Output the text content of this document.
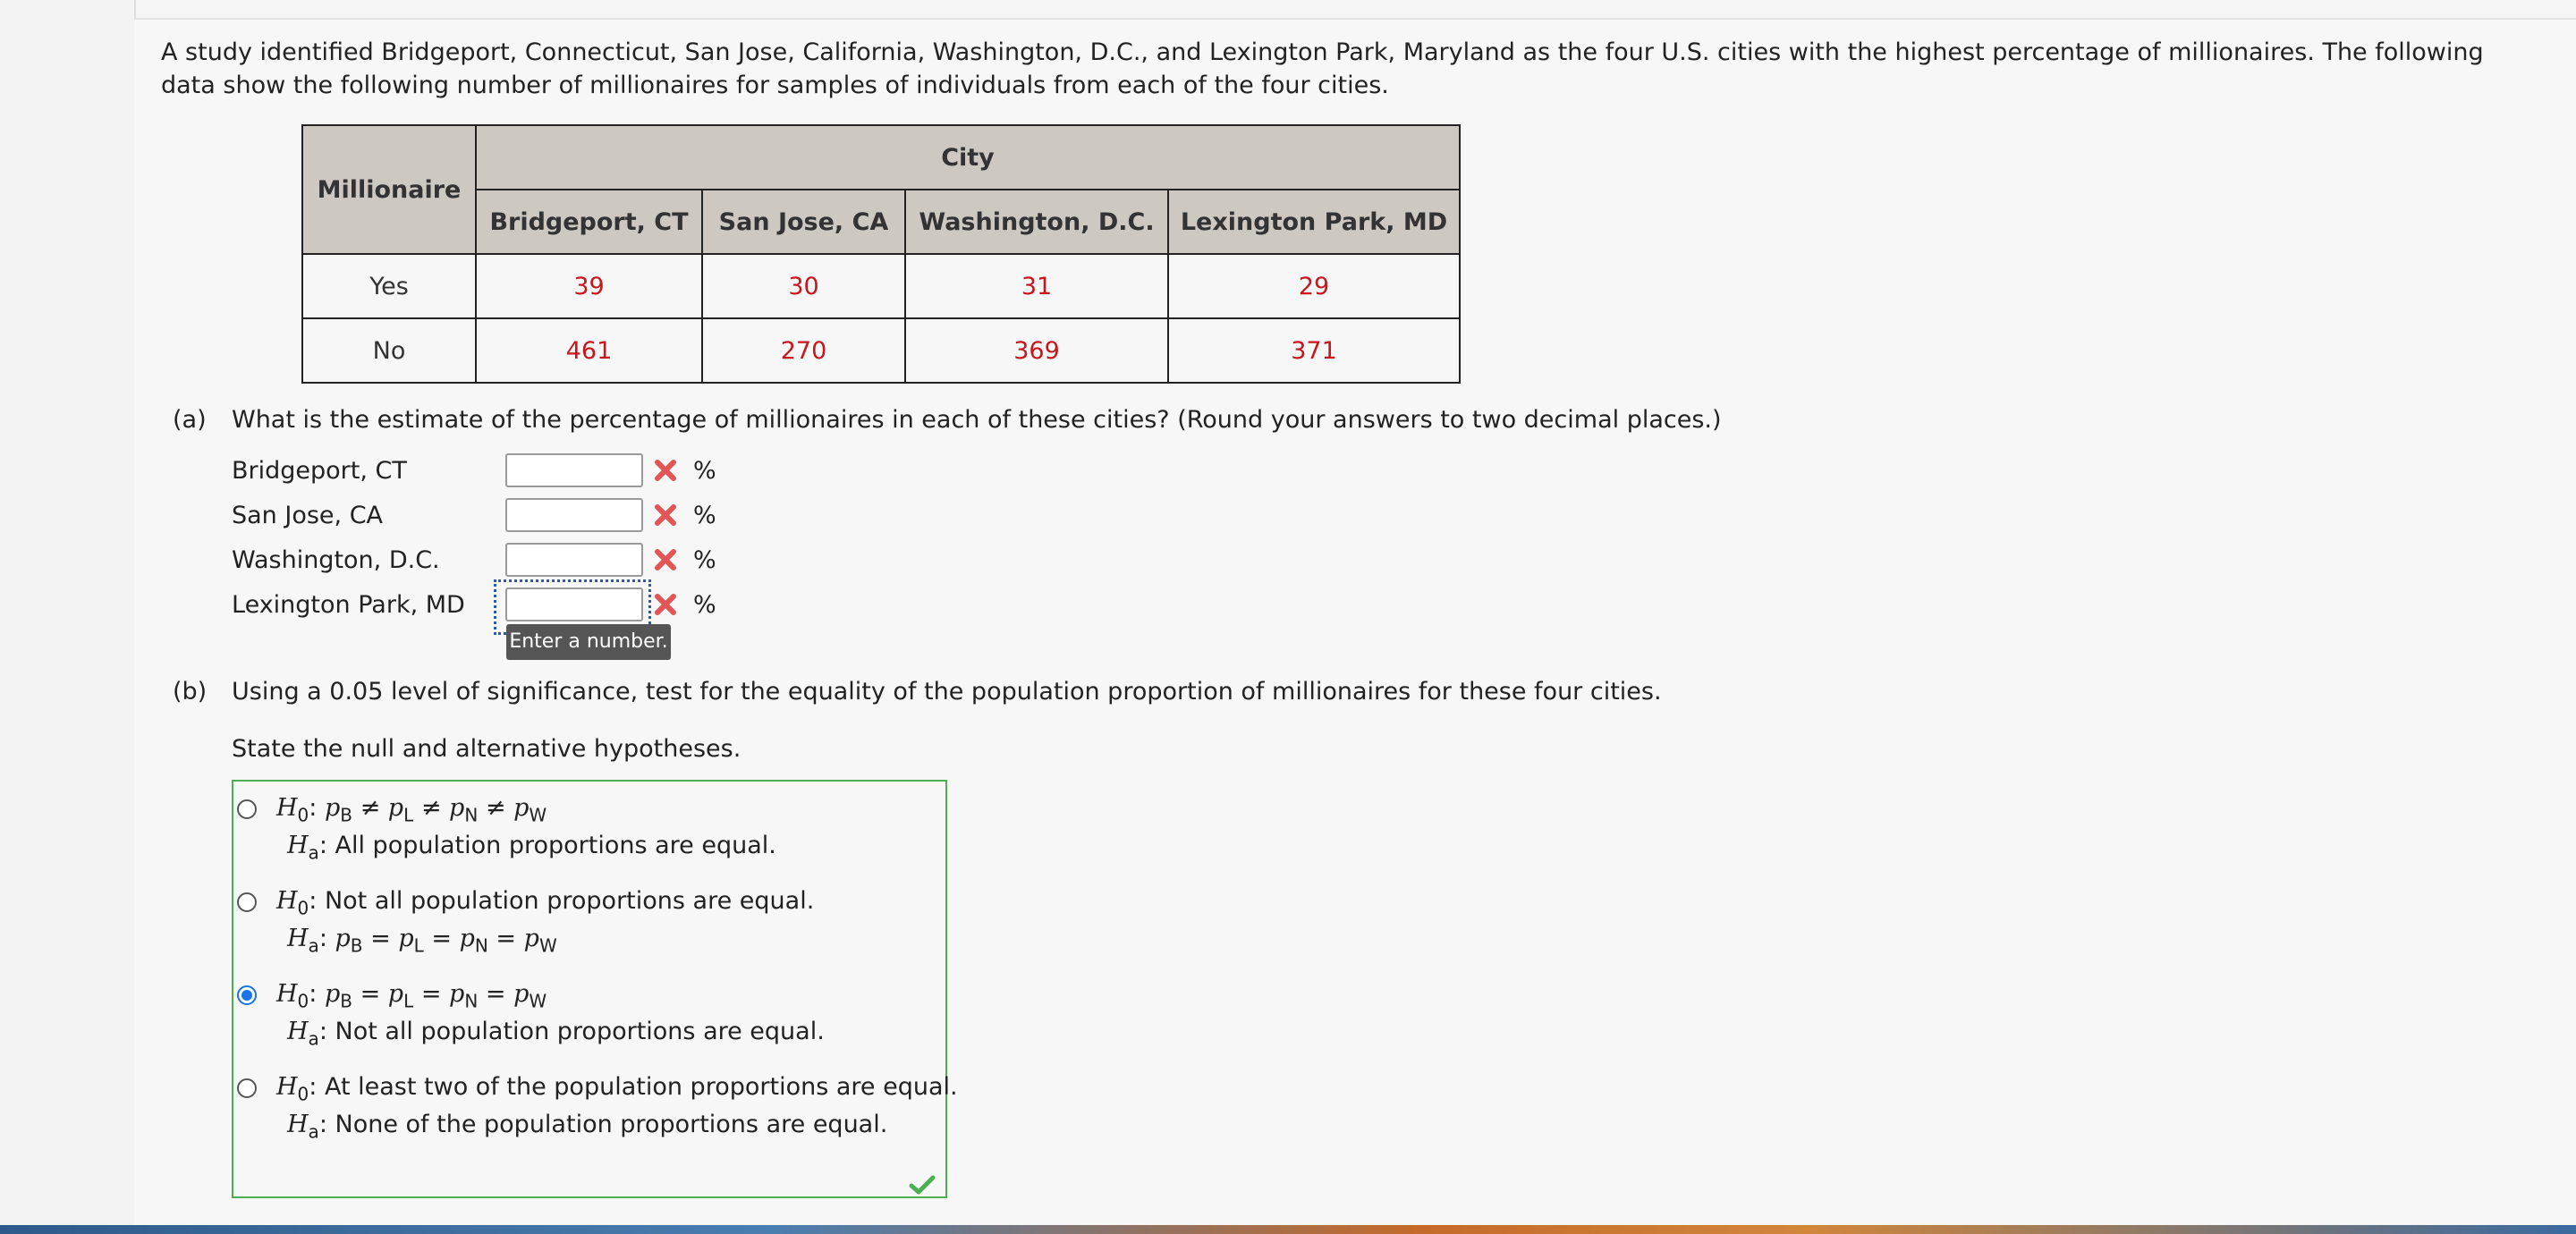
A study identified Bridgeport, Connecticut, San Jose, California, Washington, D.C., and Lexington Park, Maryland as the four U.S. cities with the highest percentage of millionaires. The following data show the following number of millionaires for samples of individuals from each of the four cities.
Millionaire	City			
	Bridgeport, CT	San Jose, CA	Washington, D.C.	Lexington Park, MD
Yes	39	30	31	29
No	461	270	369	371
(a) What is the estimate of the percentage of millionaires in each of these cities? (Round your answers to two decimal places.)
Bridgeport, CT	%
San Jose, CA	%
Washington, D.C.	%
Lexington Park, MD	%
Enter a number.
(b) Using a 0.05 level of significance, test for the equality of the population proportion of millionaires for these four cities.
State the null and alternative hypotheses.
$H_0$: $p_B \ne p_L \ne p_N \ne p_W$
$H_a$: All population proportions are equal.
$H_0$: Not all population proportions are equal.
$H_a$: $p_B = p_L = p_N = p_W$
$H_0$: $p_B = p_L = p_N = p_W$
$H_a$: Not all population proportions are equal.
$H_0$: At least two of the population proportions are equal.
$H_a$: None of the population proportions are equal.
